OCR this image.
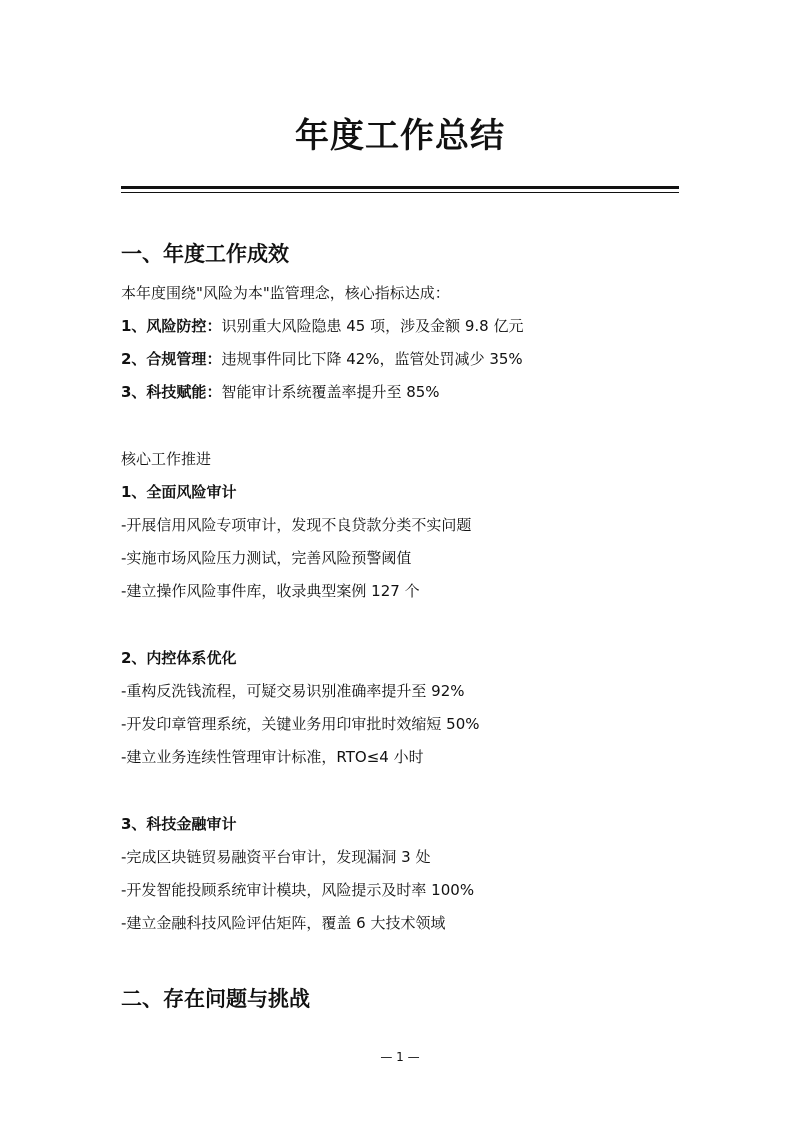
年度工作总结
一、年度工作成效
本年度围绕"风险为本"监管理念，核心指标达成：
1、风险防控：识别重大风险隐患 45 项，涉及金额 9.8 亿元
2、合规管理：违规事件同比下降 42%，监管处罚减少 35%
3、科技赋能：智能审计系统覆盖率提升至 85%
核心工作推进
1、全面风险审计
-开展信用风险专项审计，发现不良贷款分类不实问题
-实施市场风险压力测试，完善风险预警阈值
-建立操作风险事件库，收录典型案例 127 个
2、内控体系优化
-重构反洗钱流程，可疑交易识别准确率提升至 92%
-开发印章管理系统，关键业务用印审批时效缩短 50%
-建立业务连续性管理审计标准，RTO≤4 小时
3、科技金融审计
-完成区块链贸易融资平台审计，发现漏洞 3 处
-开发智能投顾系统审计模块，风险提示及时率 100%
-建立金融科技风险评估矩阵，覆盖 6 大技术领域
二、存在问题与挑战
— 1 —
